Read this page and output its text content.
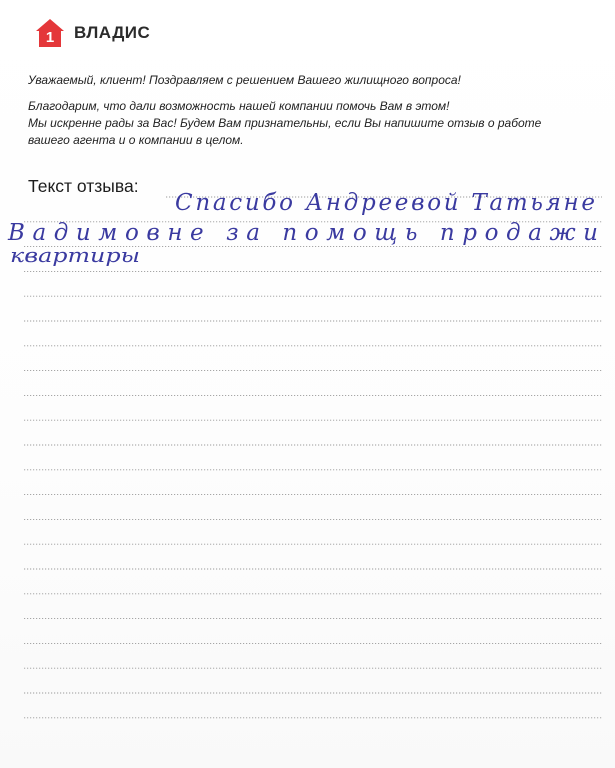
1 ВЛАДИС

Уважаемый, клиент! Поздравляем с решением Вашего жилищного вопроса!

Благодарим, что дали возможность нашей компании помочь Вам в этом!

Мы искренне рады за Вас! Будем Вам признательны, если Вы напишите отзыв о работе

вашего агента и о компании в целом.

Текст отзыва:
Спасибо Андреевой Татьяне
Вадимовне за помощь продажи
квартиры
